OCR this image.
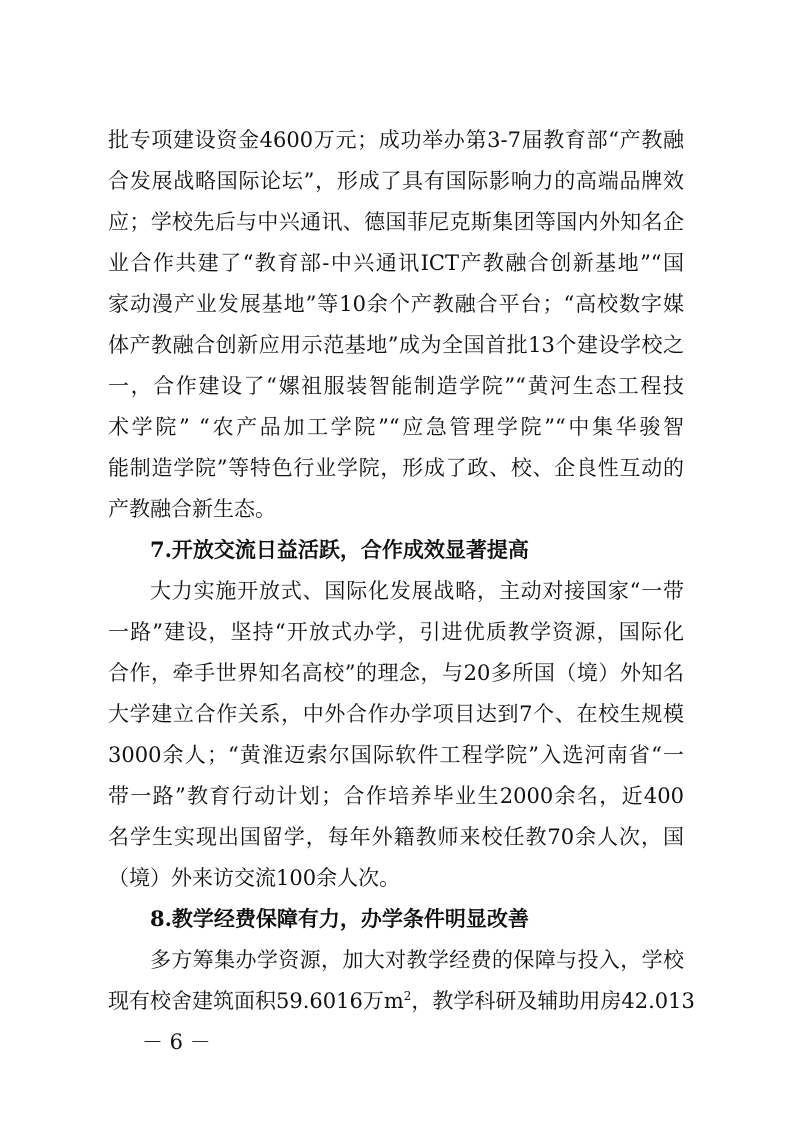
批专项建设资金4600万元；成功举办第3-7届教育部“产教融
合发展战略国际论坛”，形成了具有国际影响力的高端品牌效
应；学校先后与中兴通讯、德国菲尼克斯集团等国内外知名企
业合作共建了“教育部-中兴通讯ICT产教融合创新基地”“国
家动漫产业发展基地”等10余个产教融合平台；“高校数字媒
体产教融合创新应用示范基地”成为全国首批13个建设学校之
一，合作建设了“嫘祖服装智能制造学院”“黄河生态工程技
术学院” “农产品加工学院”“应急管理学院”“中集华骏智
能制造学院”等特色行业学院，形成了政、校、企良性互动的
产教融合新生态。
7.开放交流日益活跃，合作成效显著提高
大力实施开放式、国际化发展战略，主动对接国家“一带
一路”建设，坚持“开放式办学，引进优质教学资源，国际化
合作，牵手世界知名高校”的理念，与20多所国（境）外知名
大学建立合作关系，中外合作办学项目达到7个、在校生规模
3000余人；“黄淮迈索尔国际软件工程学院”入选河南省“一
带一路”教育行动计划；合作培养毕业生2000余名，近400
名学生实现出国留学，每年外籍教师来校任教70余人次，国
（境）外来访交流100余人次。
8.教学经费保障有力，办学条件明显改善
多方筹集办学资源，加大对教学经费的保障与投入，学校
现有校舍建筑面积59.6016万$m^2$，教学科研及辅助用房42.013
－ 6 －
